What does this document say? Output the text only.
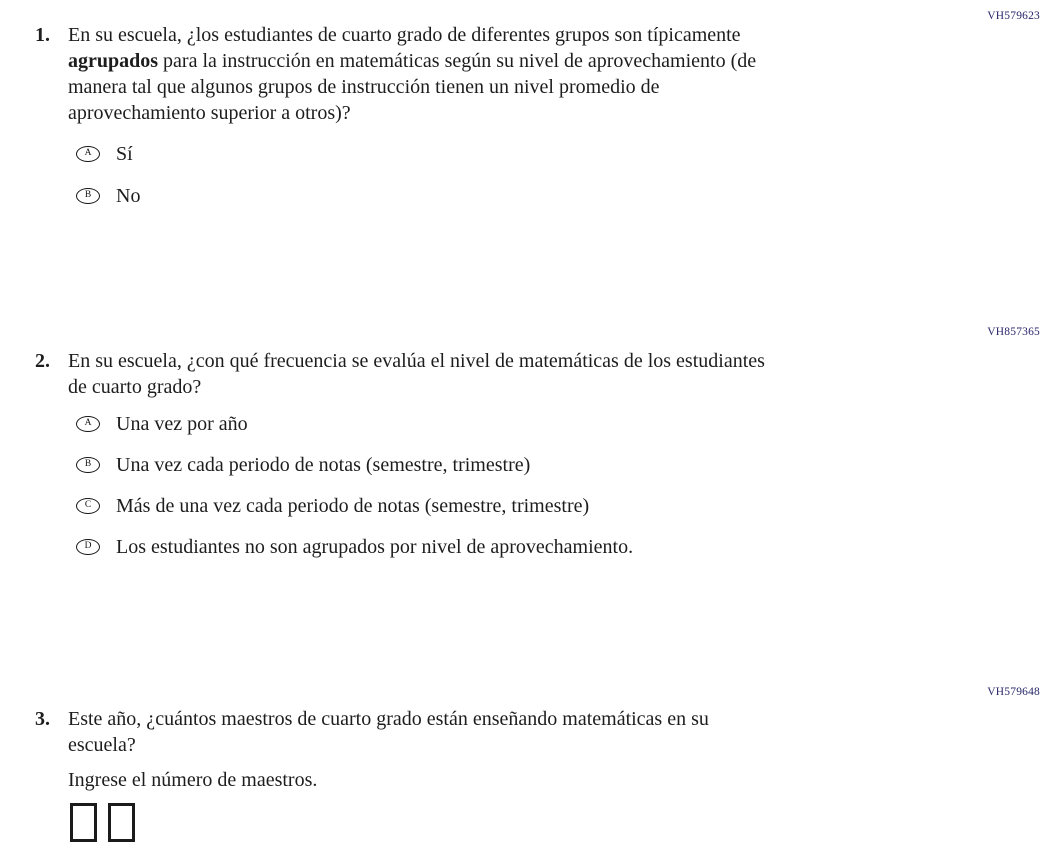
VH579623
1. En su escuela, ¿los estudiantes de cuarto grado de diferentes grupos son típicamente
agrupados para la instrucción en matemáticas según su nivel de aprovechamiento (de
manera tal que algunos grupos de instrucción tienen un nivel promedio de
aprovechamiento superior a otros)?
A Sí
B No
VH857365
2. En su escuela, ¿con qué frecuencia se evalúa el nivel de matemáticas de los estudiantes
de cuarto grado?
A Una vez por año
B Una vez cada periodo de notas (semestre, trimestre)
C Más de una vez cada periodo de notas (semestre, trimestre)
D Los estudiantes no son agrupados por nivel de aprovechamiento.
VH579648
3. Este año, ¿cuántos maestros de cuarto grado están enseñando matemáticas en su
escuela?
Ingrese el número de maestros.
